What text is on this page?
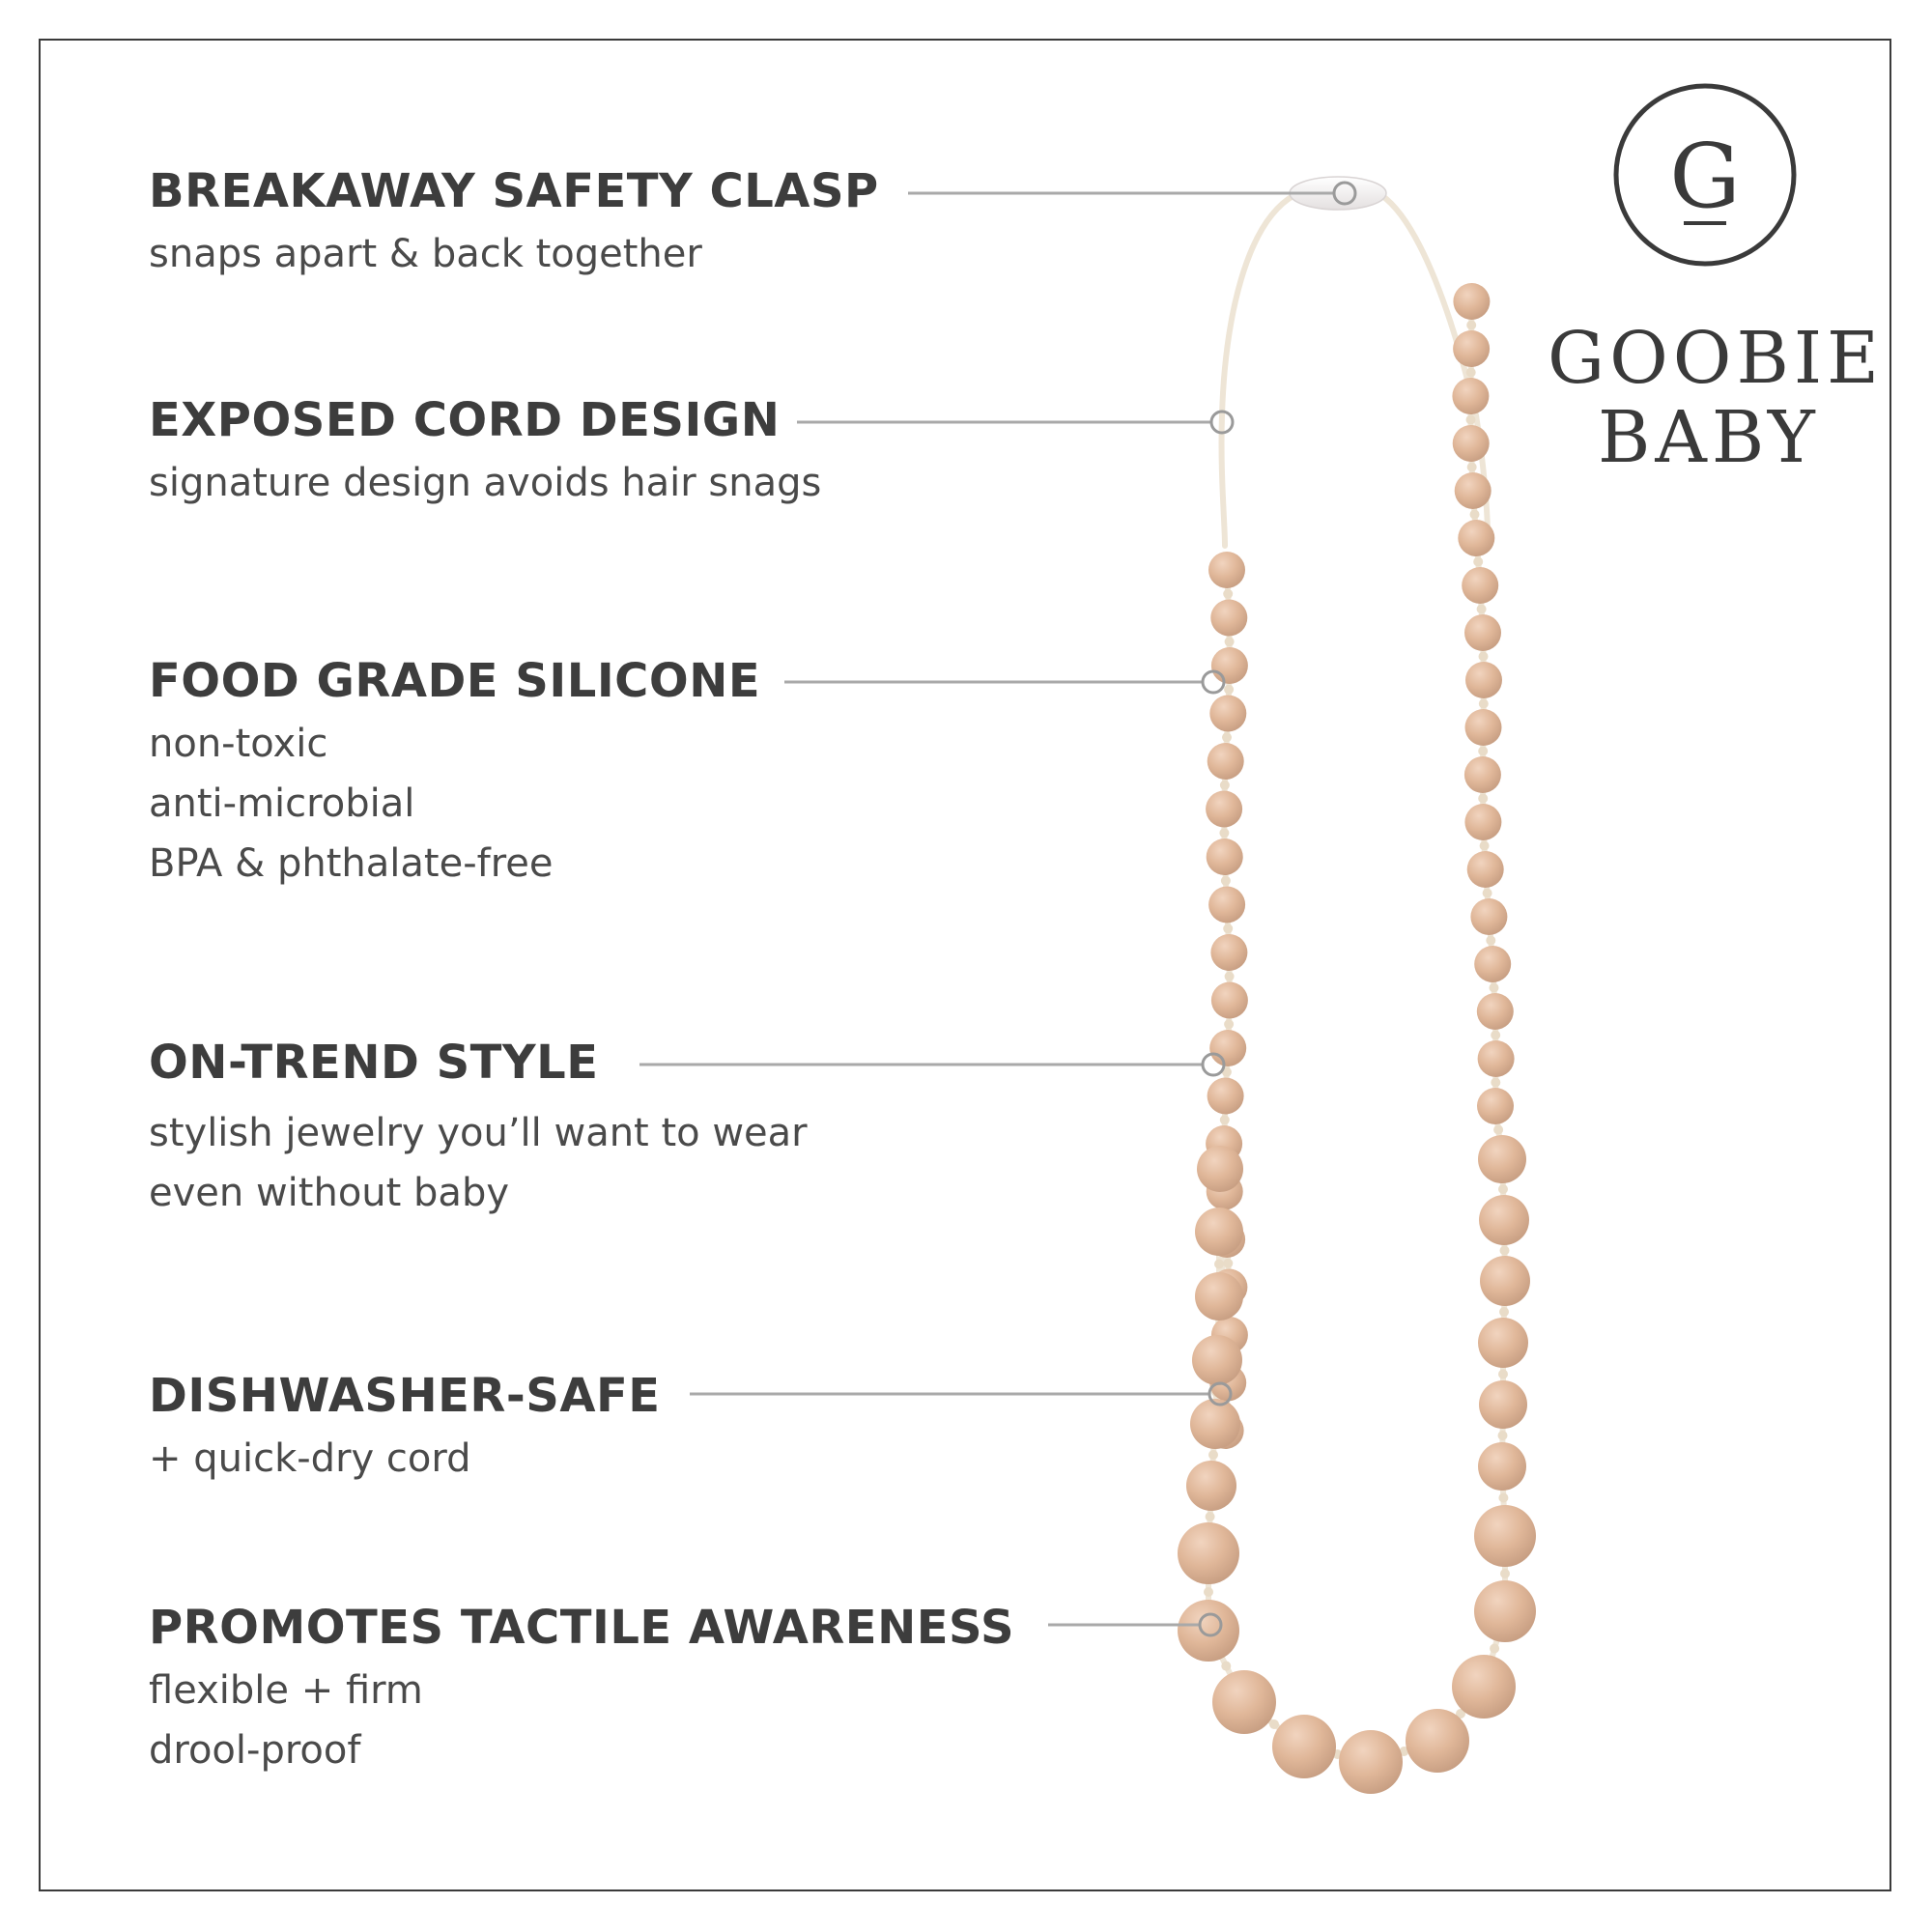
BREAKAWAY SAFETY CLASP
snaps apart & back together
EXPOSED CORD DESIGN
signature design avoids hair snags
FOOD GRADE SILICONE
non-toxic
anti-microbial
BPA & phthalate-free
ON-TREND STYLE
stylish jewelry you’ll want to wear
even without baby
DISHWASHER-SAFE
+ quick-dry cord
PROMOTES TACTILE AWARENESS
flexible + firm
drool-proof
G
GOOBIE
BABY
